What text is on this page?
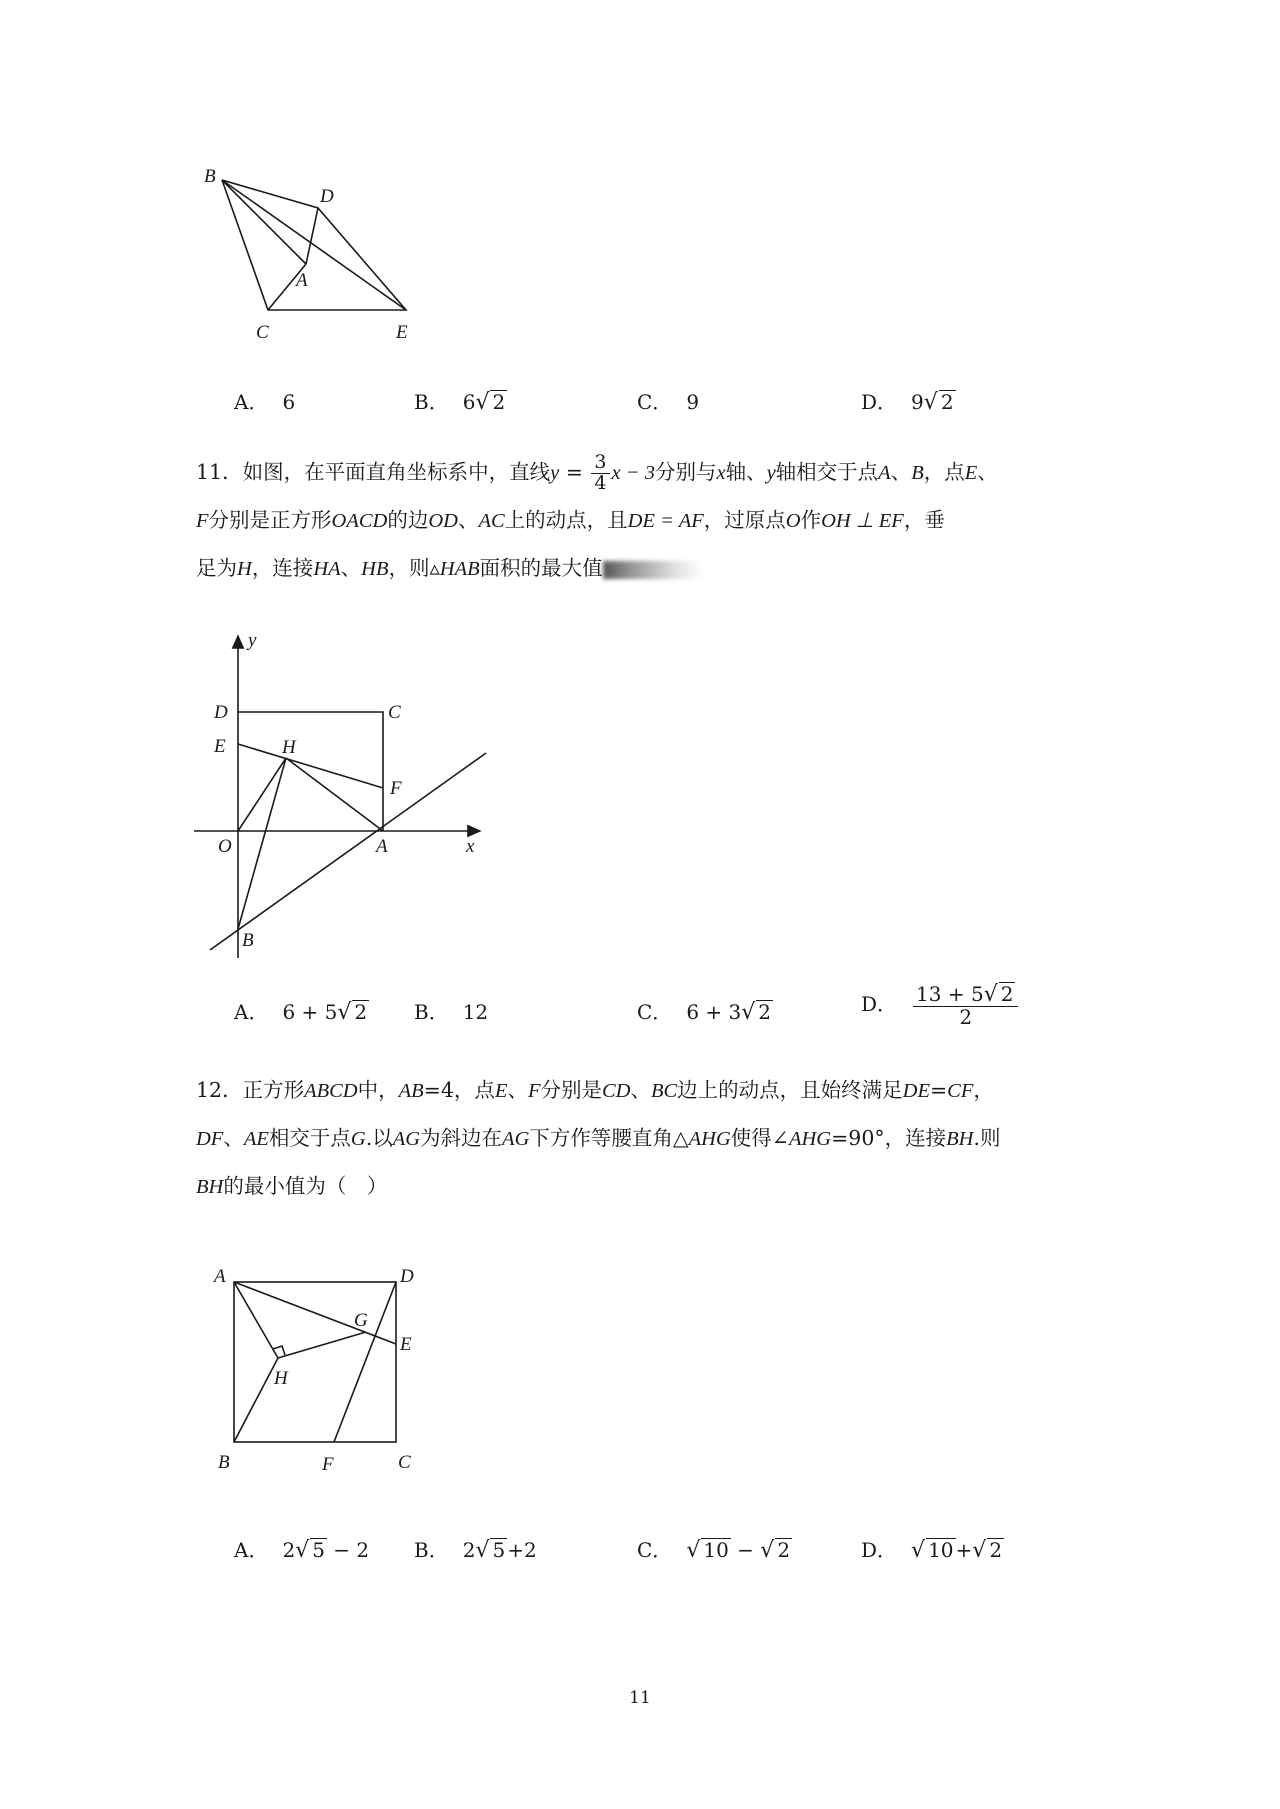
B
D
A
C	E
A． 6	B． 6√ 2	C． 9	D． 9√ 2

11．如图，在平面直角坐标系中，直线$y = \frac{3}{4}$ x − 3分别与x轴、y轴相交于点A、B，点E、

F分别是正方形OACD的边OD、AC上的动点，且DE = AF，过原点O作OH ⊥ EF，垂

足为H，连接HA、HB，则▵HAB面积的最大值

y
D	C
E	H
F
O	A	x
B
A． 6 + 5√ 2 B． 12	C． 6 + 3√ 2	D． $\frac{13 + 5√ 2}{2}$

12．正方形ABCD中，AB=4，点E、F分别是CD、BC边上的动点，且始终满足DE=CF，

DF、AE相交于点G.以AG为斜边在AG下方作等腰直角△AHG使得∠AHG=90°，连接BH.则

BH的最小值为（　）

A	D
G
E
H
B	F	C
A． 2√ 5 − 2 B． 2√ 5 +2	C． √ 10 − √ 2	D． √ 10 +√ 2
11
